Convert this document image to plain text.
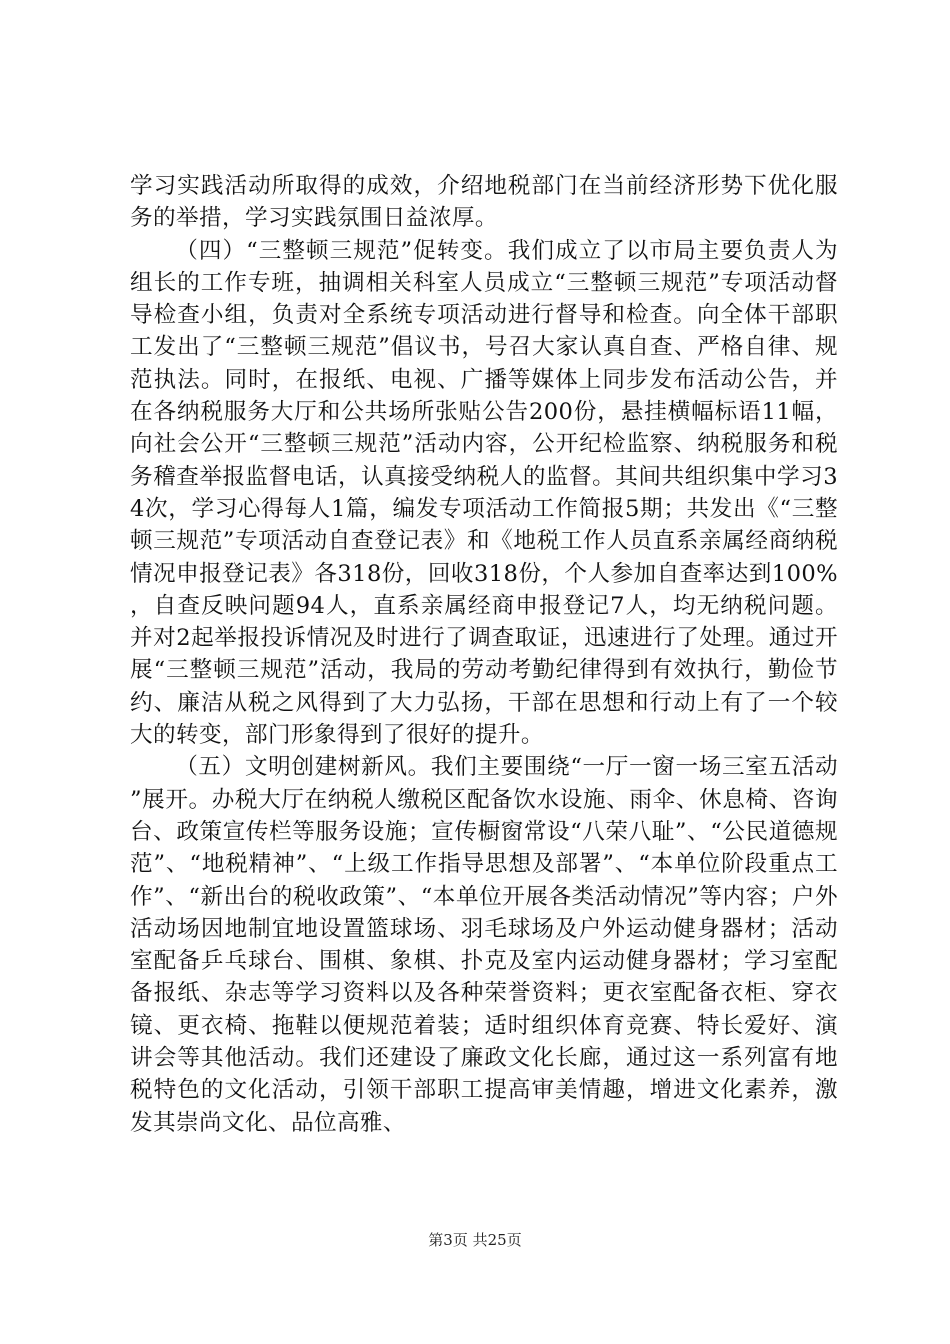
学习实践活动所取得的成效，介绍地税部门在当前经济形势下优化服务的举措，学习实践氛围日益浓厚。

（四）“三整顿三规范”促转变。我们成立了以市局主要负责人为组长的工作专班，抽调相关科室人员成立“三整顿三规范”专项活动督导检查小组，负责对全系统专项活动进行督导和检查。向全体干部职工发出了“三整顿三规范”倡议书，号召大家认真自查、严格自律、规范执法。同时，在报纸、电视、广播等媒体上同步发布活动公告，并在各纳税服务大厅和公共场所张贴公告200份，悬挂横幅标语11幅，向社会公开“三整顿三规范”活动内容，公开纪检监察、纳税服务和税务稽查举报监督电话，认真接受纳税人的监督。其间共组织集中学习34次，学习心得每人1篇，编发专项活动工作简报5期；共发出《“三整顿三规范”专项活动自查登记表》和《地税工作人员直系亲属经商纳税情况申报登记表》各318份，回收318份，个人参加自查率达到100%，自查反映问题94人，直系亲属经商申报登记7人，均无纳税问题。并对2起举报投诉情况及时进行了调查取证，迅速进行了处理。通过开展“三整顿三规范”活动，我局的劳动考勤纪律得到有效执行，勤俭节约、廉洁从税之风得到了大力弘扬，干部在思想和行动上有了一个较大的转变，部门形象得到了很好的提升。

（五）文明创建树新风。我们主要围绕“一厅一窗一场三室五活动”展开。办税大厅在纳税人缴税区配备饮水设施、雨伞、休息椅、咨询台、政策宣传栏等服务设施；宣传橱窗常设“八荣八耻”、“公民道德规范”、“地税精神”、“上级工作指导思想及部署”、“本单位阶段重点工作”、“新出台的税收政策”、“本单位开展各类活动情况”等内容；户外活动场因地制宜地设置篮球场、羽毛球场及户外运动健身器材；活动室配备乒乓球台、围棋、象棋、扑克及室内运动健身器材；学习室配备报纸、杂志等学习资料以及各种荣誉资料；更衣室配备衣柜、穿衣镜、更衣椅、拖鞋以便规范着装；适时组织体育竞赛、特长爱好、演讲会等其他活动。我们还建设了廉政文化长廊，通过这一系列富有地税特色的文化活动，引领干部职工提高审美情趣，增进文化素养，激发其崇尚文化、品位高雅、

第3页 共25页
